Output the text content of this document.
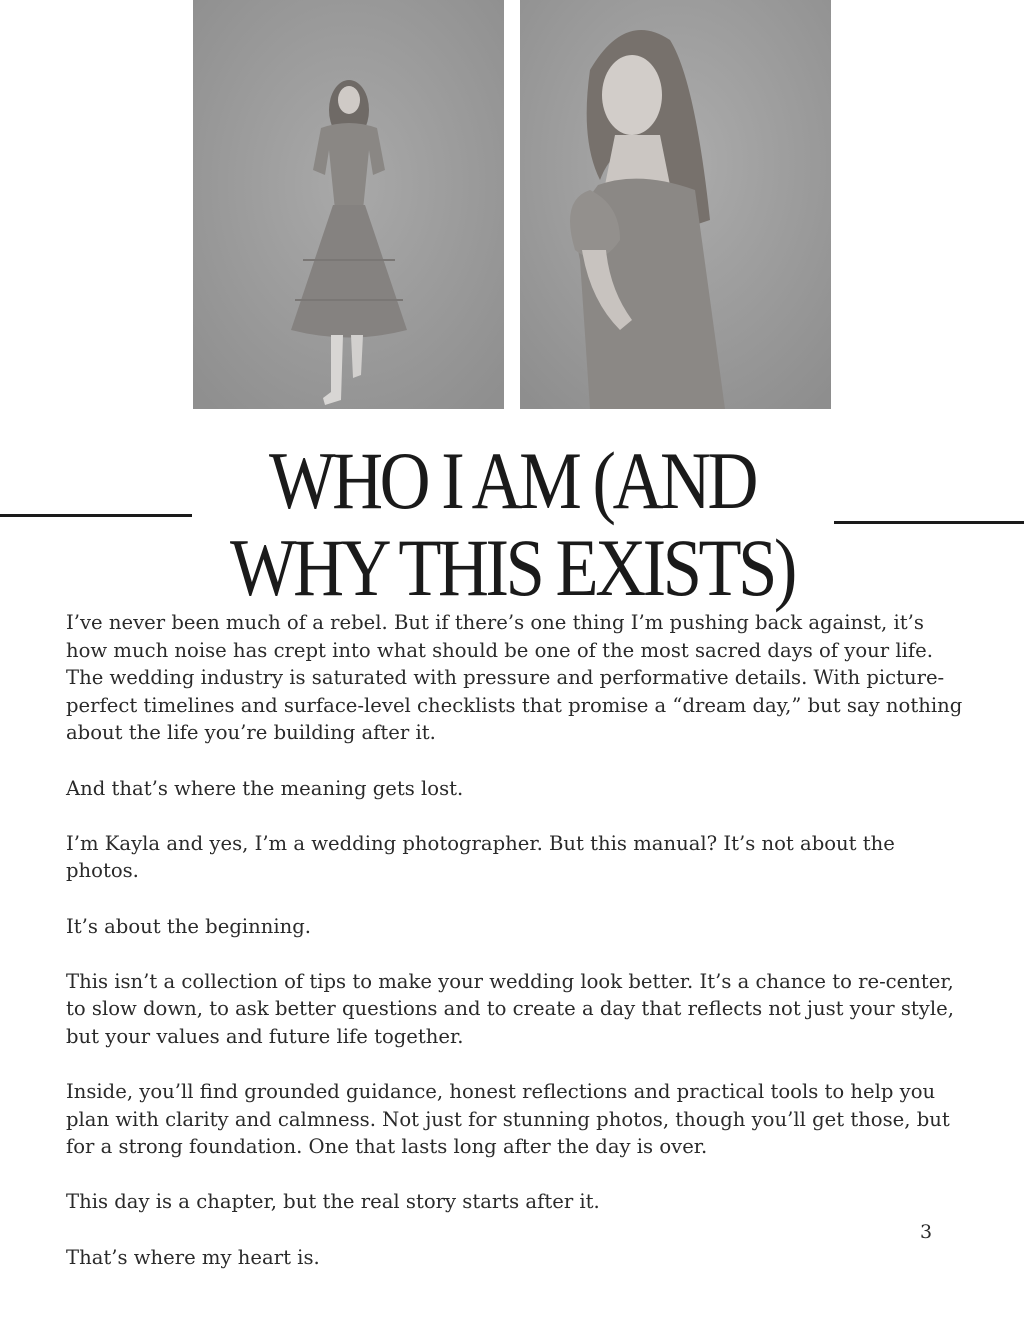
WHO I AM (AND
WHY THIS EXISTS)

I’ve never been much of a rebel. But if there’s one thing I’m pushing back against, it’s how much noise has crept into what should be one of the most sacred days of your life.

The wedding industry is saturated with pressure and performative details. With picture-perfect timelines and surface-level checklists that promise a “dream day,” but say nothing about the life you’re building after it.

And that’s where the meaning gets lost.

I’m Kayla and yes, I’m a wedding photographer. But this manual? It’s not about the photos.

It’s about the beginning.

This isn’t a collection of tips to make your wedding look better. It’s a chance to re-center, to slow down, to ask better questions and to create a day that reflects not just your style, but your values and future life together.

Inside, you’ll find grounded guidance, honest reflections and practical tools to help you plan with clarity and calmness. Not just for stunning photos, though you’ll get those, but for a strong foundation. One that lasts long after the day is over.

This day is a chapter, but the real story starts after it.

That’s where my heart is.

3
